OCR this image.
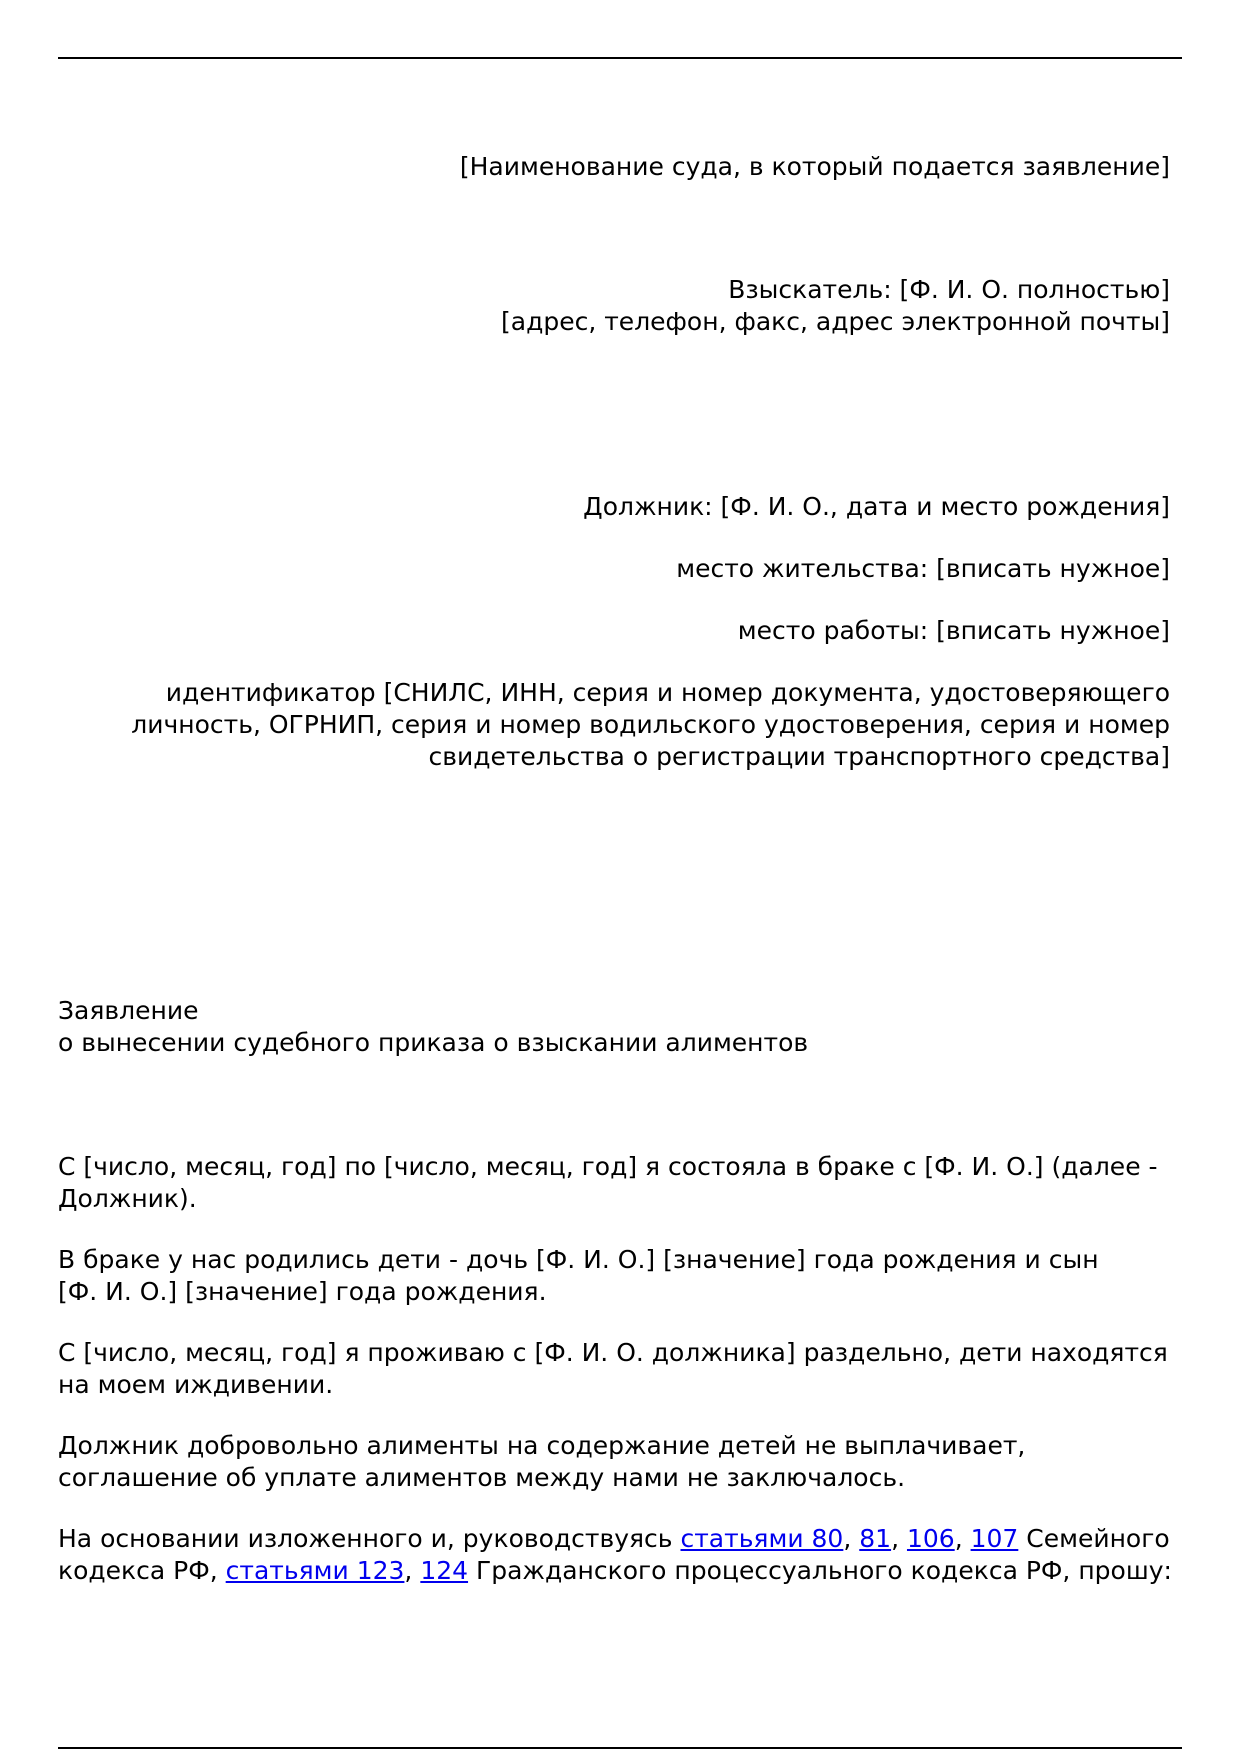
[Наименование суда, в который подается заявление]
Взыскатель: [Ф. И. О. полностью]
[адрес, телефон, факс, адрес электронной почты]
Должник: [Ф. И. О., дата и место рождения]
место жительства: [вписать нужное]
место работы: [вписать нужное]
идентификатор [СНИЛС, ИНН, серия и номер документа, удостоверяющего
личность, ОГРНИП, серия и номер водильского удостоверения, серия и номер
свидетельства о регистрации транспортного средства]
Заявление
о вынесении судебного приказа о взыскании алиментов
С [число, месяц, год] по [число, месяц, год] я состояла в браке с [Ф. И. О.] (далее -
Должник).
В браке у нас родились дети - дочь [Ф. И. О.] [значение] года рождения и сын
[Ф. И. О.] [значение] года рождения.
С [число, месяц, год] я проживаю с [Ф. И. О. должника] раздельно, дети находятся
на моем иждивении.
Должник добровольно алименты на содержание детей не выплачивает,
соглашение об уплате алиментов между нами не заключалось.
На основании изложенного и, руководствуясь статьями 80, 81, 106, 107 Семейного
кодекса РФ, статьями 123, 124 Гражданского процессуального кодекса РФ, прошу:
